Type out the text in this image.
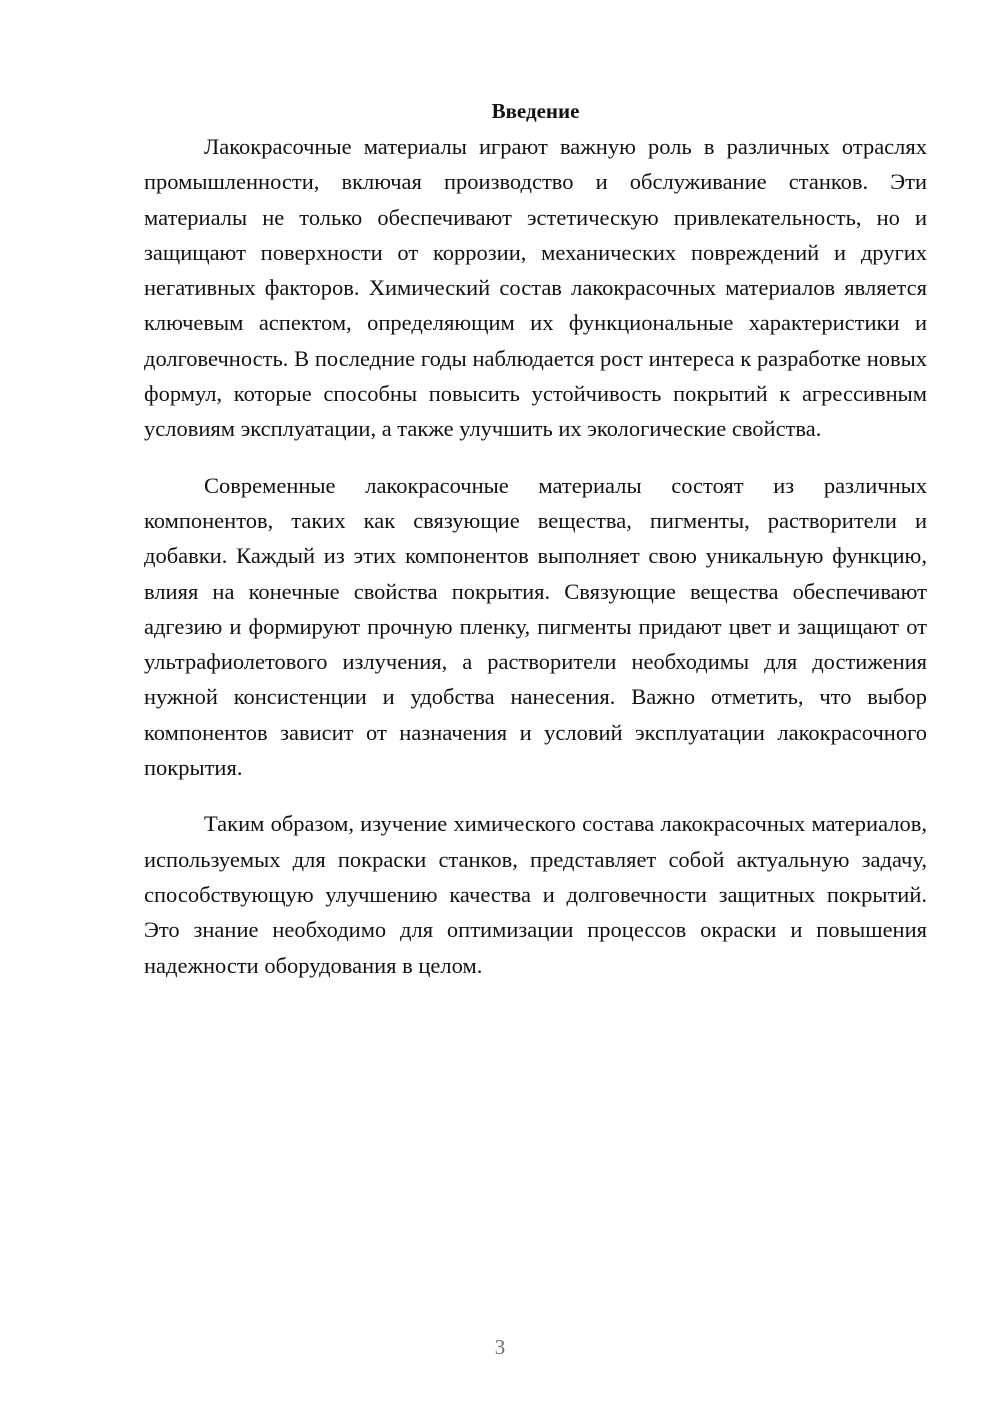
Введение

Лакокрасочные материалы играют важную роль в различных отраслях промышленности, включая производство и обслуживание станков. Эти материалы не только обеспечивают эстетическую привлекательность, но и защищают поверхности от коррозии, механических повреждений и других негативных факторов. Химический состав лакокрасочных материалов является ключевым аспектом, определяющим их функциональные характеристики и долговечность. В последние годы наблюдается рост интереса к разработке новых формул, которые способны повысить устойчивость покрытий к агрессивным условиям эксплуатации, а также улучшить их экологические свойства.

Современные лакокрасочные материалы состоят из различных компонентов, таких как связующие вещества, пигменты, растворители и добавки. Каждый из этих компонентов выполняет свою уникальную функцию, влияя на конечные свойства покрытия. Связующие вещества обеспечивают адгезию и формируют прочную пленку, пигменты придают цвет и защищают от ультрафиолетового излучения, а растворители необходимы для достижения нужной консистенции и удобства нанесения. Важно отметить, что выбор компонентов зависит от назначения и условий эксплуатации лакокрасочного покрытия.

Таким образом, изучение химического состава лакокрасочных материалов, используемых для покраски станков, представляет собой актуальную задачу, способствующую улучшению качества и долговечности защитных покрытий. Это знание необходимо для оптимизации процессов окраски и повышения надежности оборудования в целом.

3
